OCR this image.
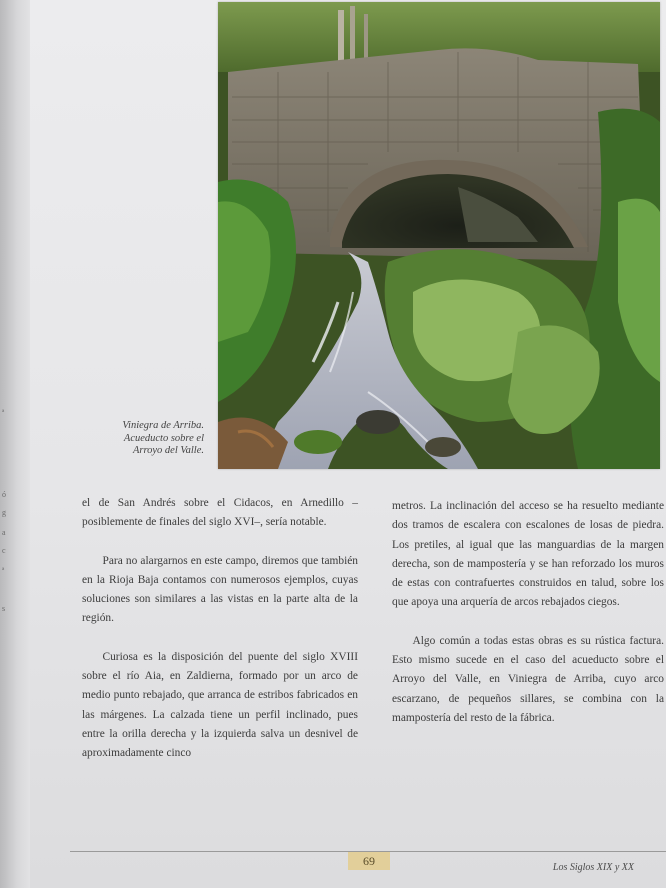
ª
ó
g
a
c
ª
s
Viniegra de Arriba.
Acueducto sobre el
Arroyo del Valle.

el de San Andrés sobre el Cidacos, en Arnedillo –posiblemente de finales del siglo XVI–, sería notable.

Para no alargarnos en este campo, diremos que también en la Rioja Baja contamos con numerosos ejemplos, cuyas soluciones son similares a las vistas en la parte alta de la región.

Curiosa es la disposición del puente del siglo XVIII sobre el río Aia, en Zaldierna, formado por un arco de medio punto rebajado, que arranca de estribos fabricados en las márgenes. La calzada tiene un perfil inclinado, pues entre la orilla derecha y la izquierda salva un desnivel de aproximadamente cinco

metros. La inclinación del acceso se ha resuelto mediante dos tramos de escalera con escalones de losas de piedra. Los pretiles, al igual que las manguardias de la margen derecha, son de mampostería y se han reforzado los muros de estas con contrafuertes construidos en talud, sobre los que apoya una arquería de arcos rebajados ciegos.

Algo común a todas estas obras es su rústica factura. Esto mismo sucede en el caso del acueducto sobre el Arroyo del Valle, en Viniegra de Arriba, cuyo arco escarzano, de pequeños sillares, se combina con la mampostería del resto de la fábrica.

69	Los Siglos XIX y XX
